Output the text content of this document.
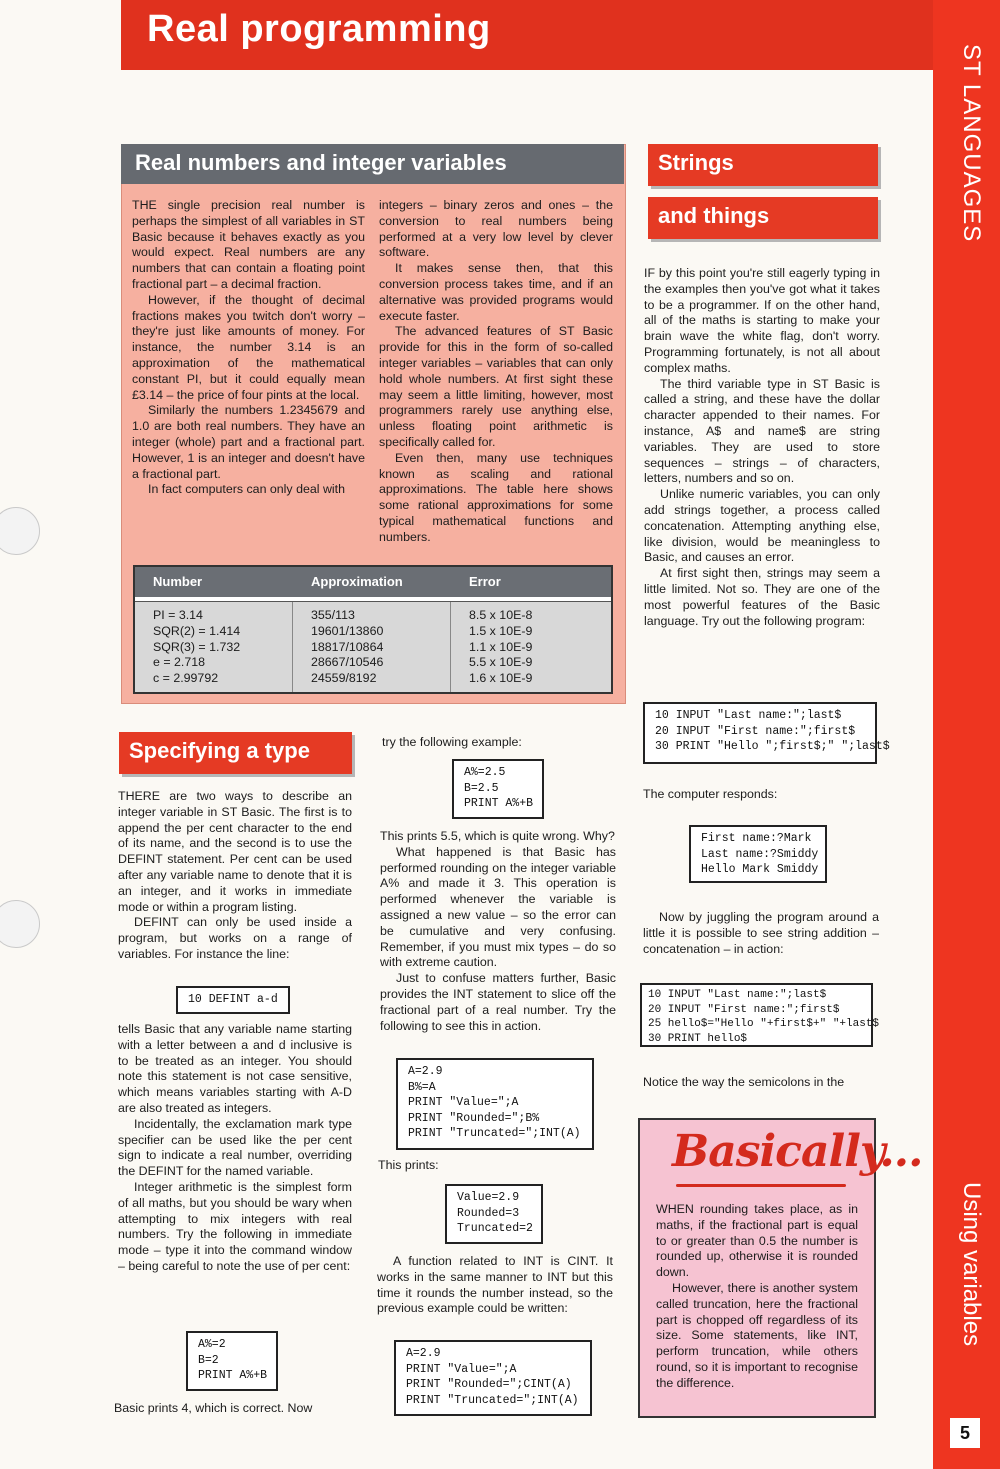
Real programming
ST LANGUAGES
Using variables
5
Real numbers and integer variables

THE single precision real number is perhaps the simplest of all variables in ST Basic because it behaves exactly as you would expect. Real numbers are any numbers that can contain a floating point fractional part – a decimal fraction.

However, if the thought of decimal fractions makes you twitch don't worry – they're just like amounts of money. For instance, the number 3.14 is an approximation of the mathematical constant PI, but it could equally mean £3.14 – the price of four pints at the local.

Similarly the numbers 1.2345679 and 1.0 are both real numbers. They have an integer (whole) part and a fractional part. However, 1 is an integer and doesn't have a fractional part.

In fact computers can only deal with

integers – binary zeros and ones – the conversion to real numbers being performed at a very low level by clever software.

It makes sense then, that this conversion process takes time, and if an alternative was provided programs would execute faster.

The advanced features of ST Basic provide for this in the form of so-called integer variables – variables that can only hold whole numbers. At first sight these may seem a little limiting, however, most programmers rarely use anything else, unless floating point arithmetic is specifically called for.

Even then, many use techniques known as scaling and rational approximations. The table here shows some rational approximations for some typical mathematical functions and numbers.

Number	Approximation	Error
PI = 3.14
SQR(2) = 1.414
SQR(3) = 1.732
e = 2.718
c = 2.99792
355/113
19601/13860
18817/10864
28667/10546
24559/8192
8.5 x 10E-8
1.5 x 10E-9
1.1 x 10E-9
5.5 x 10E-9
1.6 x 10E-9
Strings
and things

IF by this point you're still eagerly typing in the examples then you've got what it takes to be a programmer. If on the other hand, all of the maths is starting to make your brain wave the white flag, don't worry. Programming fortunately, is not all about complex maths.

The third variable type in ST Basic is called a string, and these have the dollar character appended to their names. For instance, A$ and name$ are string variables. They are used to store sequences – strings – of characters, letters, numbers and so on.

Unlike numeric variables, you can only add strings together, a process called concatenation. Attempting anything else, like division, would be meaningless to Basic, and causes an error.

At first sight then, strings may seem a little limited. Not so. They are one of the most powerful features of the Basic language. Try out the following program:

10 INPUT "Last name:";last$
20 INPUT "First name:";first$
30 PRINT "Hello ";first$;" ";last$
The computer responds:
First name:?Mark
Last name:?Smiddy
Hello Mark Smiddy

Now by juggling the program around a little it is possible to see string addition – concatenation – in action:

10 INPUT "Last name:";last$
20 INPUT "First name:";first$
25 hello$="Hello "+first$+" "+last$
30 PRINT hello$
Notice the way the semicolons in the
Basically...

WHEN rounding takes place, as in maths, if the fractional part is equal to or greater than 0.5 the number is rounded up, otherwise it is rounded down.

However, there is another system called truncation, here the fractional part is chopped off regardless of its size. Some statements, like INT, perform truncation, while others round, so it is important to recognise the difference.

Specifying a type

THERE are two ways to describe an integer variable in ST Basic. The first is to append the per cent character to the end of its name, and the second is to use the DEFINT statement. Per cent can be used after any variable name to denote that it is an integer, and it works in immediate mode or within a program listing.

DEFINT can only be used inside a program, but works on a range of variables. For instance the line:

10 DEFINT a-d

tells Basic that any variable name starting with a letter between a and d inclusive is to be treated as an integer. You should note this statement is not case sensitive, which means variables starting with A-D are also treated as integers.

Incidentally, the exclamation mark type specifier can be used like the per cent sign to indicate a real number, overriding the DEFINT for the named variable.

Integer arithmetic is the simplest form of all maths, but you should be wary when attempting to mix integers with real numbers. Try the following in immediate mode – type it into the command window – being careful to note the use of per cent:

A%=2
B=2
PRINT A%+B
Basic prints 4, which is correct. Now
try the following example:
A%=2.5
B=2.5
PRINT A%+B

This prints 5.5, which is quite wrong. Why?

What happened is that Basic has performed rounding on the integer variable A% and made it 3. This operation is performed whenever the variable is assigned a new value – so the error can be cumulative and very confusing. Remember, if you must mix types – do so with extreme caution.

Just to confuse matters further, Basic provides the INT statement to slice off the fractional part of a real number. Try the following to see this in action.

A=2.9
B%=A
PRINT "Value=";A
PRINT "Rounded=";B%
PRINT "Truncated=";INT(A)
This prints:
Value=2.9
Rounded=3
Truncated=2

A function related to INT is CINT. It works in the same manner to INT but this time it rounds the number instead, so the previous example could be written:

A=2.9
PRINT "Value=";A
PRINT "Rounded=";CINT(A)
PRINT "Truncated=";INT(A)
